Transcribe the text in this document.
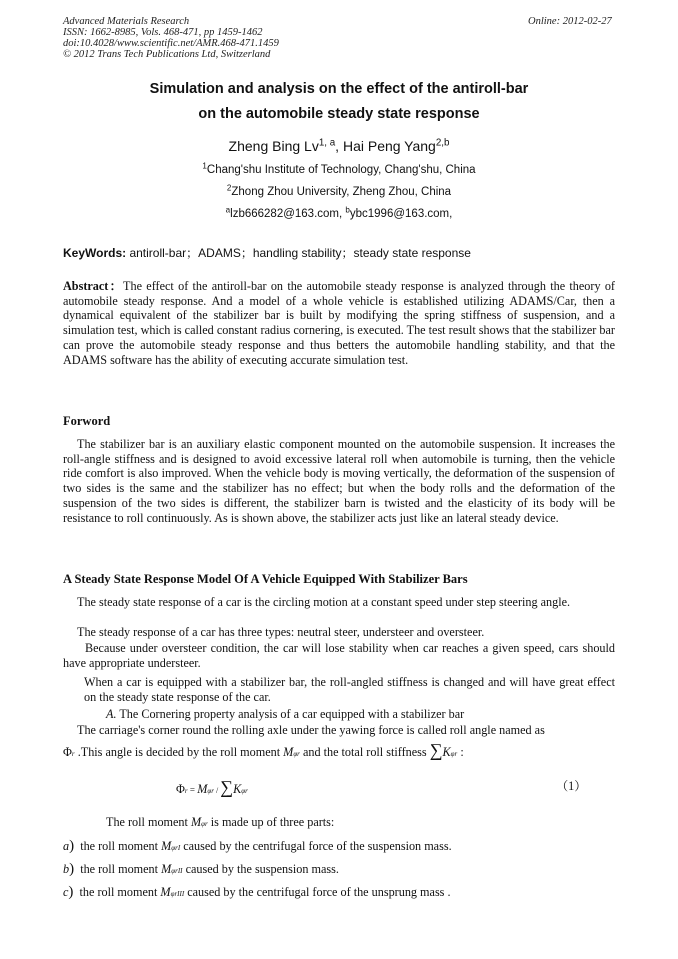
Advanced Materials Research
ISSN: 1662-8985, Vols. 468-471, pp 1459-1462
doi:10.4028/www.scientific.net/AMR.468-471.1459
© 2012 Trans Tech Publications Ltd, Switzerland
Online: 2012-02-27
Simulation and analysis on the effect of the antiroll-bar
on the automobile steady state response
Zheng Bing Lv$^{1, a}$, Hai Peng Yang$^{2,b}$
$^1$Chang'shu Institute of Technology, Chang'shu, China
$^2$Zhong Zhou University, Zheng Zhou, China
$^a$lzb666282@163.com, $^b$ybc1996@163.com,
KeyWords: antiroll-bar；ADAMS；handling stability；steady state response
Abstract：The effect of the antiroll-bar on the automobile steady response is analyzed through the theory of automobile steady response. And a model of a whole vehicle is established utilizing ADAMS/Car, then a dynamical equivalent of the stabilizer bar is built by modifying the spring stiffness of suspension, and a simulation test, which is called constant radius cornering, is executed. The test result shows that the stabilizer bar can prove the automobile steady response and thus betters the automobile handling stability, and that the ADAMS software has the ability of executing accurate simulation test.
Forword
The stabilizer bar is an auxiliary elastic component mounted on the automobile suspension. It increases the roll-angle stiffness and is designed to avoid excessive lateral roll when automobile is turning, then the vehicle ride comfort is also improved. When the vehicle body is moving vertically, the deformation of the suspension of two sides is the same and the stabilizer has no effect; but when the body rolls and the deformation of the suspension of the two sides is different, the stabilizer barn is twisted and the elasticity of its body will be resistance to roll continuously. As is shown above, the stabilizer acts just like an lateral steady device.
A Steady State Response Model Of A Vehicle Equipped With Stabilizer Bars
The steady state response of a car is the circling motion at a constant speed under step steering angle.
The steady response of a car has three types: neutral steer, understeer and oversteer.
Because under oversteer condition, the car will lose stability when car reaches a given speed, cars should have appropriate understeer.
When a car is equipped with a stabilizer bar, the roll-angled stiffness is changed and will have great effect on the steady state response of the car.
A. The Cornering property analysis of a car equipped with a stabilizer bar
The carriage's corner round the rolling axle under the yawing force is called roll angle named as
Φr .This angle is decided by the roll moment Mφr and the total roll stiffness ∑Kφr :
Φr = Mφr / ∑Kφr	（1）
The roll moment Mφr is made up of three parts:
a) the roll moment MφrI caused by the centrifugal force of the suspension mass.
b) the roll moment MφrII caused by the suspension mass.
c) the roll moment MφrIII caused by the centrifugal force of the unsprung mass .
